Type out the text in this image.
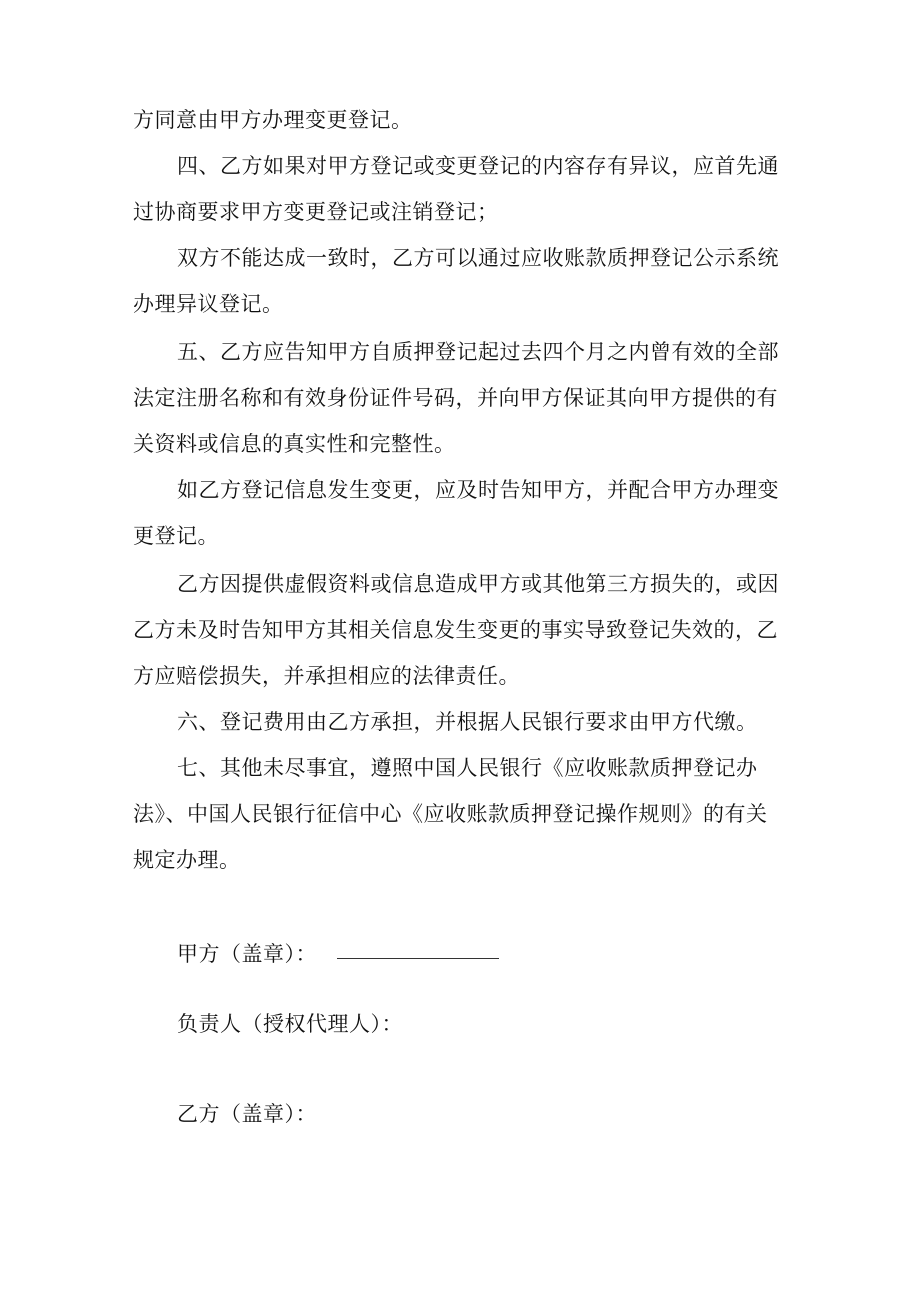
方同意由甲方办理变更登记。
四、乙方如果对甲方登记或变更登记的内容存有异议，应首先通
过协商要求甲方变更登记或注销登记；
双方不能达成一致时，乙方可以通过应收账款质押登记公示系统
办理异议登记。
五、乙方应告知甲方自质押登记起过去四个月之内曾有效的全部
法定注册名称和有效身份证件号码，并向甲方保证其向甲方提供的有
关资料或信息的真实性和完整性。
如乙方登记信息发生变更，应及时告知甲方，并配合甲方办理变
更登记。
乙方因提供虚假资料或信息造成甲方或其他第三方损失的，或因
乙方未及时告知甲方其相关信息发生变更的事实导致登记失效的，乙
方应赔偿损失，并承担相应的法律责任。
六、登记费用由乙方承担，并根据人民银行要求由甲方代缴。
七、其他未尽事宜，遵照中国人民银行《应收账款质押登记办
法》、中国人民银行征信中心《应收账款质押登记操作规则》的有关
规定办理。
甲方（盖章）：
负责人（授权代理人）：
乙方（盖章）：
